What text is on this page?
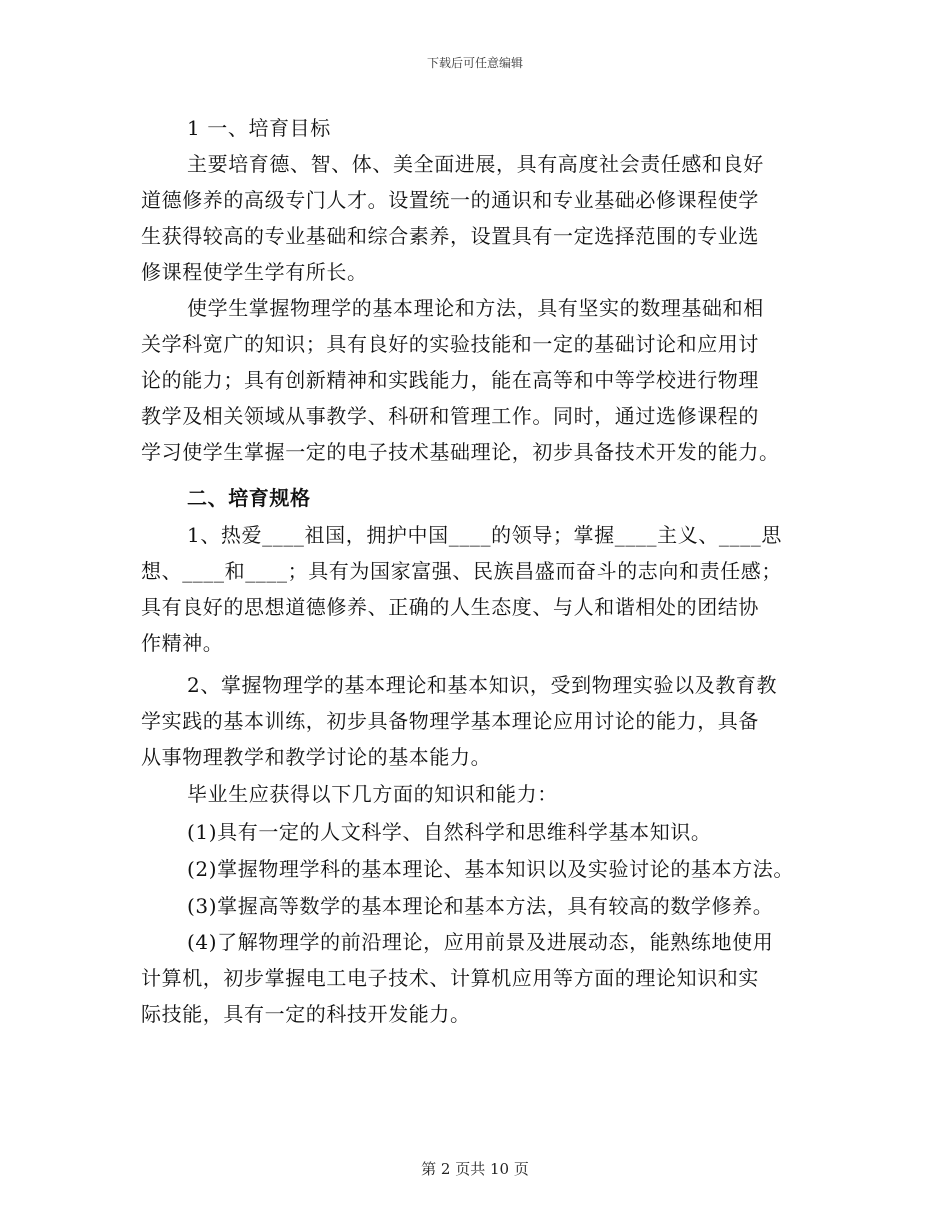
下载后可任意编辑
1 一、培育目标
主要培育德、智、体、美全面进展，具有高度社会责任感和良好
道德修养的高级专门人才。设置统一的通识和专业基础必修课程使学
生获得较高的专业基础和综合素养，设置具有一定选择范围的专业选
修课程使学生学有所长。
使学生掌握物理学的基本理论和方法，具有坚实的数理基础和相
关学科宽广的知识；具有良好的实验技能和一定的基础讨论和应用讨
论的能力；具有创新精神和实践能力，能在高等和中等学校进行物理
教学及相关领域从事教学、科研和管理工作。同时，通过选修课程的
学习使学生掌握一定的电子技术基础理论，初步具备技术开发的能力。
二、培育规格
1、热爱____祖国，拥护中国____的领导；掌握____主义、____思
想、____和____；具有为国家富强、民族昌盛而奋斗的志向和责任感；
具有良好的思想道德修养、正确的人生态度、与人和谐相处的团结协
作精神。
2、掌握物理学的基本理论和基本知识，受到物理实验以及教育教
学实践的基本训练，初步具备物理学基本理论应用讨论的能力，具备
从事物理教学和教学讨论的基本能力。
毕业生应获得以下几方面的知识和能力：
(1)具有一定的人文科学、自然科学和思维科学基本知识。
(2)掌握物理学科的基本理论、基本知识以及实验讨论的基本方法。
(3)掌握高等数学的基本理论和基本方法，具有较高的数学修养。
(4)了解物理学的前沿理论，应用前景及进展动态，能熟练地使用
计算机，初步掌握电工电子技术、计算机应用等方面的理论知识和实
际技能，具有一定的科技开发能力。
第 2 页共 10 页
